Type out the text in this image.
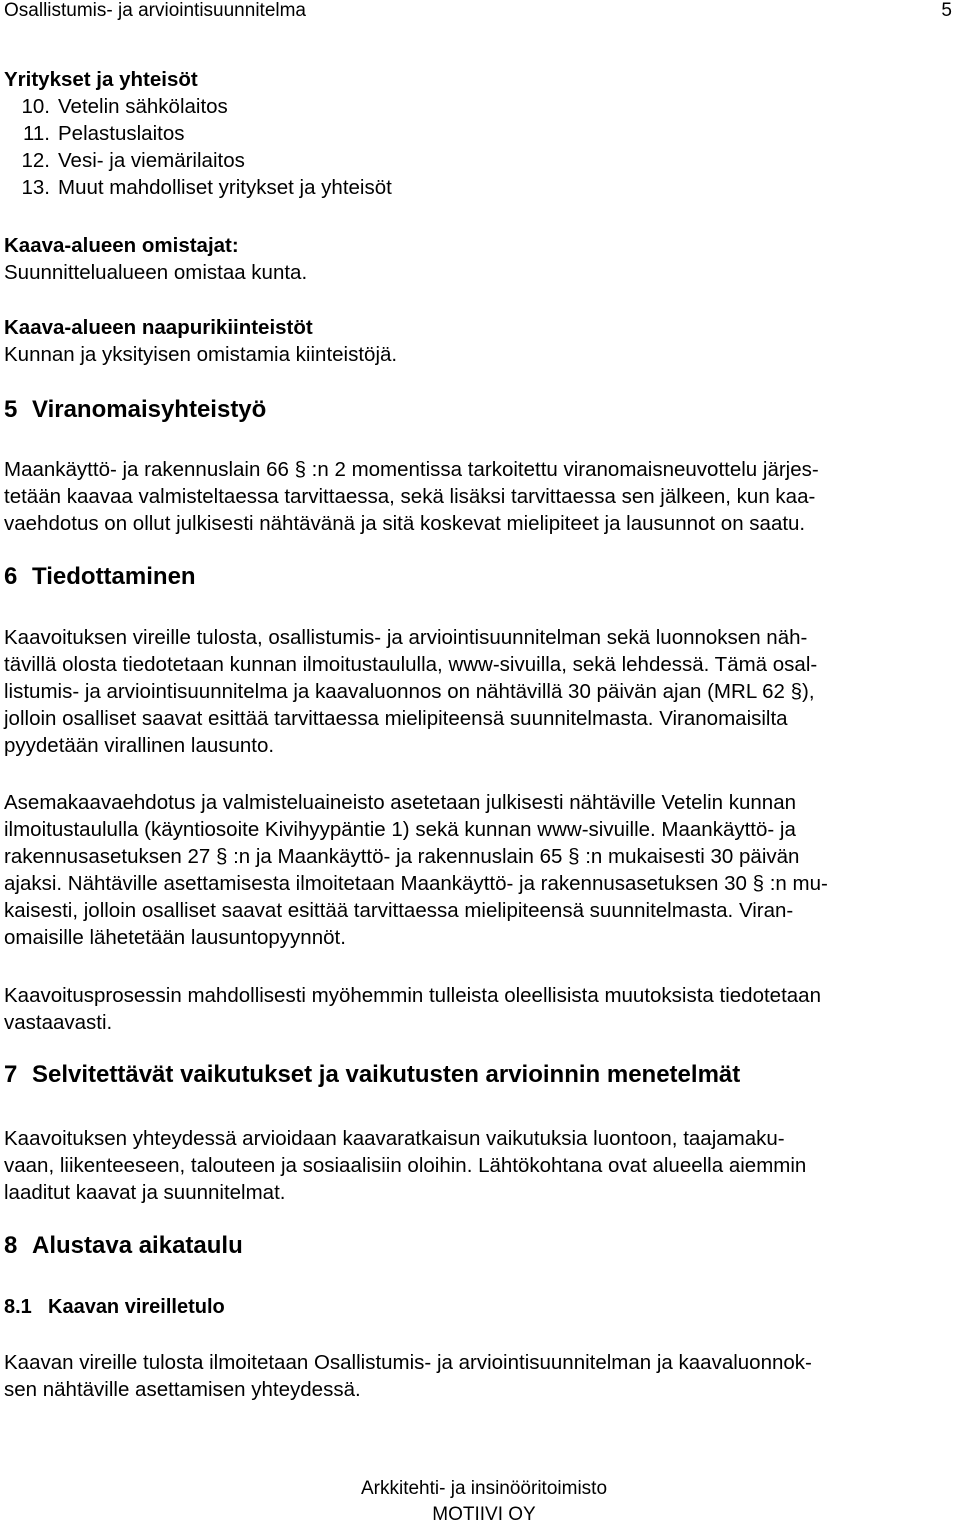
Osallistumis- ja arviointisuunnitelma	5
Yritykset ja yhteisöt
10. Vetelin sähkölaitos
11. Pelastuslaitos
12. Vesi- ja viemärilaitos
13. Muut mahdolliset yritykset ja yhteisöt
Kaava-alueen omistajat:
Suunnittelualueen omistaa kunta.
Kaava-alueen naapurikiinteistöt
Kunnan ja yksityisen omistamia kiinteistöjä.
5 Viranomaisyhteistyö
Maankäyttö- ja rakennuslain 66 § :n 2 momentissa tarkoitettu viranomaisneuvottelu järjes-
tetään kaavaa valmisteltaessa tarvittaessa, sekä lisäksi tarvittaessa sen jälkeen, kun kaa-
vaehdotus on ollut julkisesti nähtävänä ja sitä koskevat mielipiteet ja lausunnot on saatu.
6 Tiedottaminen
Kaavoituksen vireille tulosta, osallistumis- ja arviointisuunnitelman sekä luonnoksen näh-
tävillä olosta tiedotetaan kunnan ilmoitustaululla, www-sivuilla, sekä lehdessä. Tämä osal-
listumis- ja arviointisuunnitelma ja kaavaluonnos on nähtävillä 30 päivän ajan (MRL 62 §),
jolloin osalliset saavat esittää tarvittaessa mielipiteensä suunnitelmasta. Viranomaisilta
pyydetään virallinen lausunto.
Asemakaavaehdotus ja valmisteluaineisto asetetaan julkisesti nähtäville Vetelin kunnan
ilmoitustaululla (käyntiosoite Kivihyypäntie 1) sekä kunnan www-sivuille. Maankäyttö- ja
rakennusasetuksen 27 § :n ja Maankäyttö- ja rakennuslain 65 § :n mukaisesti 30 päivän
ajaksi. Nähtäville asettamisesta ilmoitetaan Maankäyttö- ja rakennusasetuksen 30 § :n mu-
kaisesti, jolloin osalliset saavat esittää tarvittaessa mielipiteensä suunnitelmasta. Viran-
omaisille lähetetään lausuntopyynnöt.
Kaavoitusprosessin mahdollisesti myöhemmin tulleista oleellisista muutoksista tiedotetaan
vastaavasti.
7 Selvitettävät vaikutukset ja vaikutusten arvioinnin menetelmät
Kaavoituksen yhteydessä arvioidaan kaavaratkaisun vaikutuksia luontoon, taajamaku-
vaan, liikenteeseen, talouteen ja sosiaalisiin oloihin. Lähtökohtana ovat alueella aiemmin
laaditut kaavat ja suunnitelmat.
8 Alustava aikataulu
8.1 Kaavan vireilletulo
Kaavan vireille tulosta ilmoitetaan Osallistumis- ja arviointisuunnitelman ja kaavaluonnok-
sen nähtäville asettamisen yhteydessä.
Arkkitehti- ja insinööritoimisto
MOTIIVI OY
